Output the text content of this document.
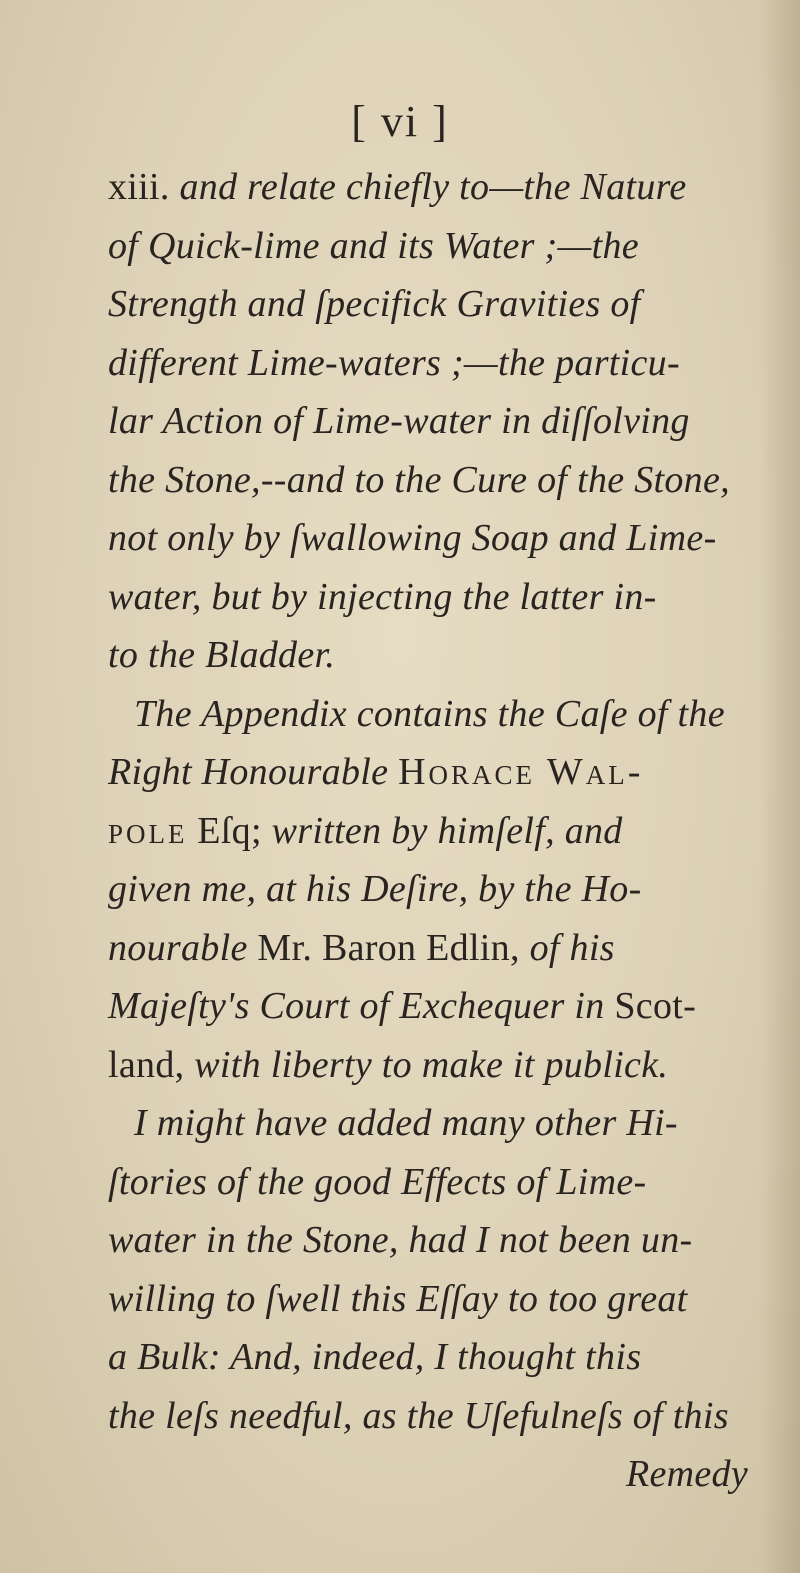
[ vi ]
xiii. and relate chiefly to—the Nature
of Quick-lime and its Water ;—the
Strength and ſpecifick Gravities of
different Lime-waters ;—the particu-
lar Action of Lime-water in diſſolving
the Stone,--and to the Cure of the Stone,
not only by ſwallowing Soap and Lime-
water, but by injecting the latter in-
to the Bladder.
The Appendix contains the Caſe of the
Right Honourable Horace Wal-
pole Eſq; written by himſelf, and
given me, at his Deſire, by the Ho-
nourable Mr. Baron Edlin, of his
Majeſty's Court of Exchequer in Scot-
land, with liberty to make it publick.
I might have added many other Hi-
ſtories of the good Effects of Lime-
water in the Stone, had I not been un-
willing to ſwell this Eſſay to too great
a Bulk: And, indeed, I thought this
the leſs needful, as the Uſefulneſs of this
Remedy
